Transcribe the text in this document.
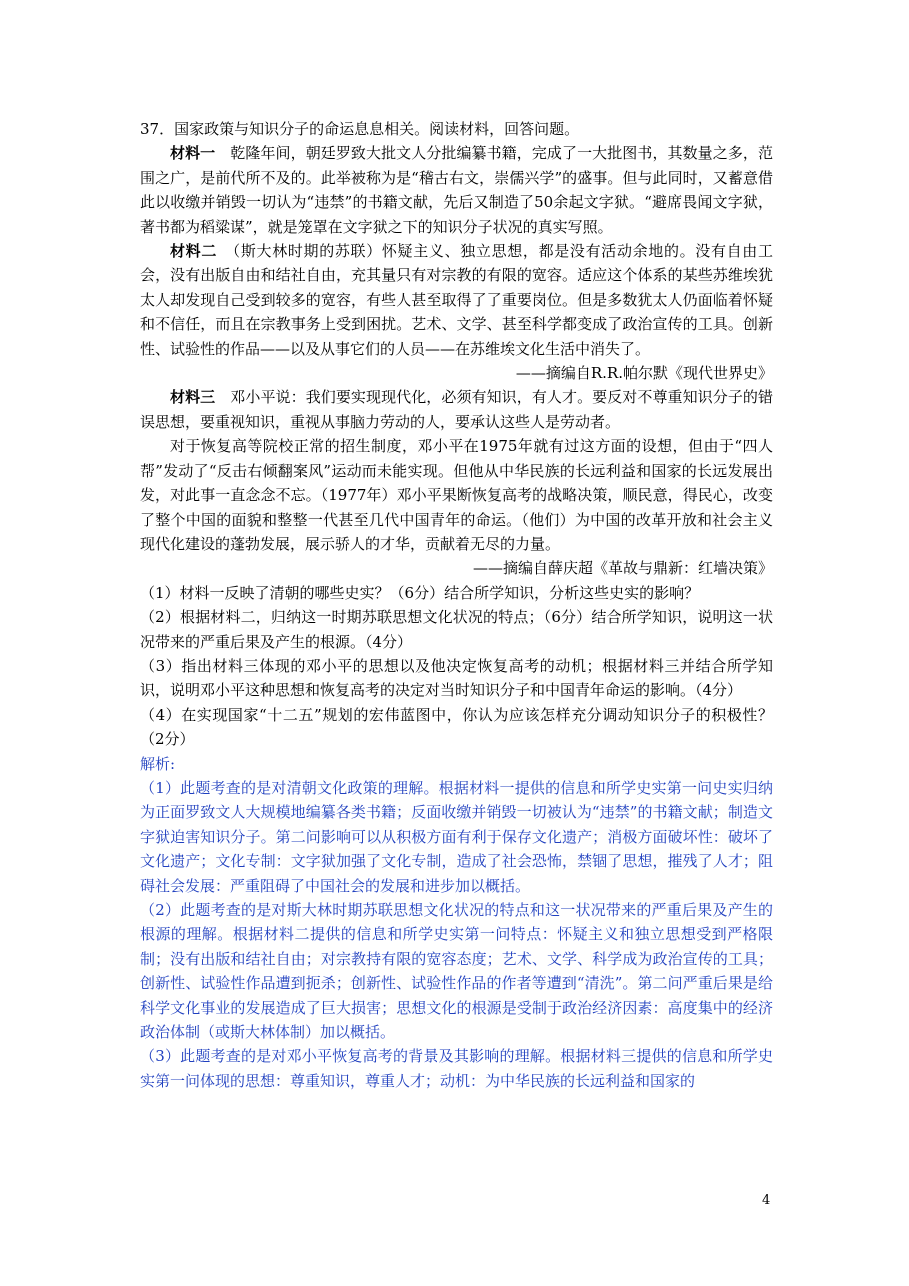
37．国家政策与知识分子的命运息息相关。阅读材料，回答问题。

材料一　乾隆年间，朝廷罗致大批文人分批编纂书籍，完成了一大批图书，其数量之多，范围之广，是前代所不及的。此举被称为是“稽古右文，崇儒兴学”的盛事。但与此同时，又蓄意借此以收缴并销毁一切认为“违禁”的书籍文献，先后又制造了50余起文字狱。“避席畏闻文字狱，著书都为稻粱谋”，就是笼罩在文字狱之下的知识分子状况的真实写照。

材料二　（斯大林时期的苏联）怀疑主义、独立思想，都是没有活动余地的。没有自由工会，没有出版自由和结社自由，充其量只有对宗教的有限的宽容。适应这个体系的某些苏维埃犹太人却发现自己受到较多的宽容，有些人甚至取得了了重要岗位。但是多数犹太人仍面临着怀疑和不信任，而且在宗教事务上受到困扰。艺术、文学、甚至科学都变成了政治宣传的工具。创新性、试验性的作品——以及从事它们的人员——在苏维埃文化生活中消失了。

——摘编自R.R.帕尔默《现代世界史》

材料三　邓小平说：我们要实现现代化，必须有知识，有人才。要反对不尊重知识分子的错误思想，要重视知识，重视从事脑力劳动的人，要承认这些人是劳动者。

对于恢复高等院校正常的招生制度，邓小平在1975年就有过这方面的设想，但由于“四人帮”发动了“反击右倾翻案风”运动而未能实现。但他从中华民族的长远利益和国家的长远发展出发，对此事一直念念不忘。（1977年）邓小平果断恢复高考的战略决策，顺民意，得民心，改变了整个中国的面貌和整整一代甚至几代中国青年的命运。（他们）为中国的改革开放和社会主义现代化建设的蓬勃发展，展示骄人的才华，贡献着无尽的力量。

——摘编自薛庆超《革故与鼎新：红墙决策》

（1）材料一反映了清朝的哪些史实？（6分）结合所学知识，分析这些史实的影响？

（2）根据材料二，归纳这一时期苏联思想文化状况的特点；（6分）结合所学知识，说明这一状况带来的严重后果及产生的根源。（4分）

（3）指出材料三体现的邓小平的思想以及他决定恢复高考的动机；根据材料三并结合所学知识，说明邓小平这种思想和恢复高考的决定对当时知识分子和中国青年命运的影响。（4分）

（4）在实现国家“十二五”规划的宏伟蓝图中，你认为应该怎样充分调动知识分子的积极性？（2分）

解析:

（1）此题考查的是对清朝文化政策的理解。根据材料一提供的信息和所学史实第一问史实归纳为正面罗致文人大规模地编纂各类书籍；反面收缴并销毁一切被认为“违禁”的书籍文献；制造文字狱迫害知识分子。第二问影响可以从积极方面有利于保存文化遗产；消极方面破坏性：破坏了文化遗产；文化专制：文字狱加强了文化专制，造成了社会恐怖，禁锢了思想，摧残了人才；阻碍社会发展：严重阻碍了中国社会的发展和进步加以概括。

（2）此题考查的是对斯大林时期苏联思想文化状况的特点和这一状况带来的严重后果及产生的根源的理解。根据材料二提供的信息和所学史实第一问特点：怀疑主义和独立思想受到严格限制；没有出版和结社自由；对宗教持有限的宽容态度；艺术、文学、科学成为政治宣传的工具；创新性、试验性作品遭到扼杀；创新性、试验性作品的作者等遭到“清洗”。第二问严重后果是给科学文化事业的发展造成了巨大损害；思想文化的根源是受制于政治经济因素：高度集中的经济政治体制（或斯大林体制）加以概括。

（3）此题考查的是对邓小平恢复高考的背景及其影响的理解。根据材料三提供的信息和所学史实第一问体现的思想：尊重知识，尊重人才；动机：为中华民族的长远利益和国家的

4
